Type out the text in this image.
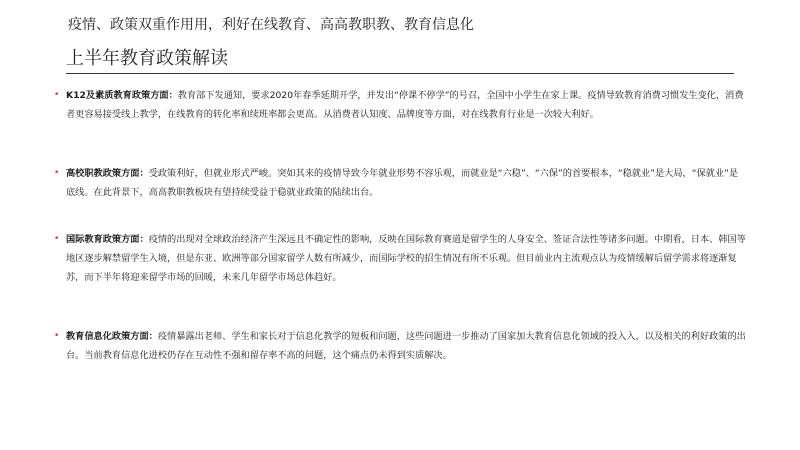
疫情、政策双重作用用，利好在线教育、高高教职教、教育信息化
上半年教育政策解读
• K12及素质教育政策方面：教育部下发通知，要求2020年春季延期开学，并发出“停课不停学”的号召，全国中小学生在家上课。疫情导致教育消费习惯发生变化，消费者更容易接受线上教学，在线教育的转化率和续班率都会更高。从消费者认知度、品牌度等方面，对在线教育行业是一次较大利好。
• 高校职教政策方面：受政策利好，但就业形式严峻。突如其来的疫情导致今年就业形势不容乐观，而就业是“六稳”、“六保”的首要根本，“稳就业”是大局，“保就业”是底线。在此背景下，高高教职教板块有望持续受益于稳就业政策的陆续出台。
• 国际教育政策方面：疫情的出现对全球政治经济产生深远且不确定性的影响，反映在国际教育赛道是留学生的人身安全、签证合法性等诸多问题。中期看，日本、韩国等地区逐步解禁留学生入境，但是东亚、欧洲等部分国家留学人数有所减少，而国际学校的招生情况有所不乐观。但目前业内主流观点认为疫情缓解后留学需求将逐渐复苏，而下半年将迎来留学市场的回暖，未来几年留学市场总体趋好。
• 教育信息化政策方面：疫情暴露出老师、学生和家长对于信息化教学的短板和问题，这些问题进一步推动了国家加大教育信息化领域的投入入，以及相关的利好政策的出台。当前教育信息化进校仍存在互动性不强和留存率不高的问题，这个痛点仍未得到实质解决。
